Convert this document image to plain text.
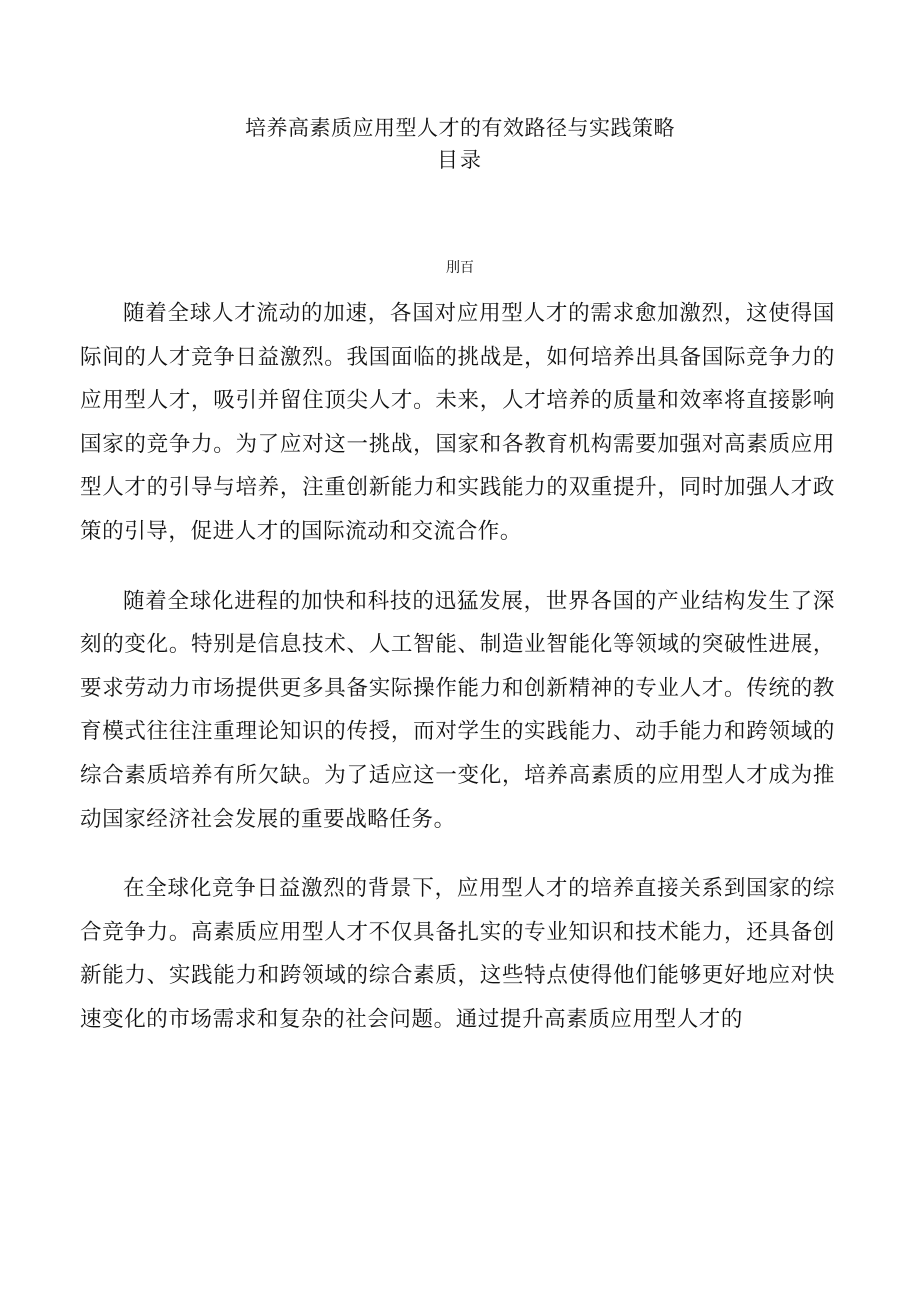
培养高素质应用型人才的有效路径与实践策略
目录
刖百

随着全球人才流动的加速，各国对应用型人才的需求愈加激烈，这使得国际间的人才竞争日益激烈。我国面临的挑战是，如何培养出具备国际竞争力的应用型人才，吸引并留住顶尖人才。未来，人才培养的质量和效率将直接影响国家的竞争力。为了应对这一挑战，国家和各教育机构需要加强对高素质应用型人才的引导与培养，注重创新能力和实践能力的双重提升，同时加强人才政策的引导，促进人才的国际流动和交流合作。

随着全球化进程的加快和科技的迅猛发展，世界各国的产业结构发生了深刻的变化。特别是信息技术、人工智能、制造业智能化等领域的突破性进展，要求劳动力市场提供更多具备实际操作能力和创新精神的专业人才。传统的教育模式往往注重理论知识的传授，而对学生的实践能力、动手能力和跨领域的综合素质培养有所欠缺。为了适应这一变化，培养高素质的应用型人才成为推动国家经济社会发展的重要战略任务。

在全球化竞争日益激烈的背景下，应用型人才的培养直接关系到国家的综合竞争力。高素质应用型人才不仅具备扎实的专业知识和技术能力，还具备创新能力、实践能力和跨领域的综合素质，这些特点使得他们能够更好地应对快速变化的市场需求和复杂的社会问题。通过提升高素质应用型人才的
